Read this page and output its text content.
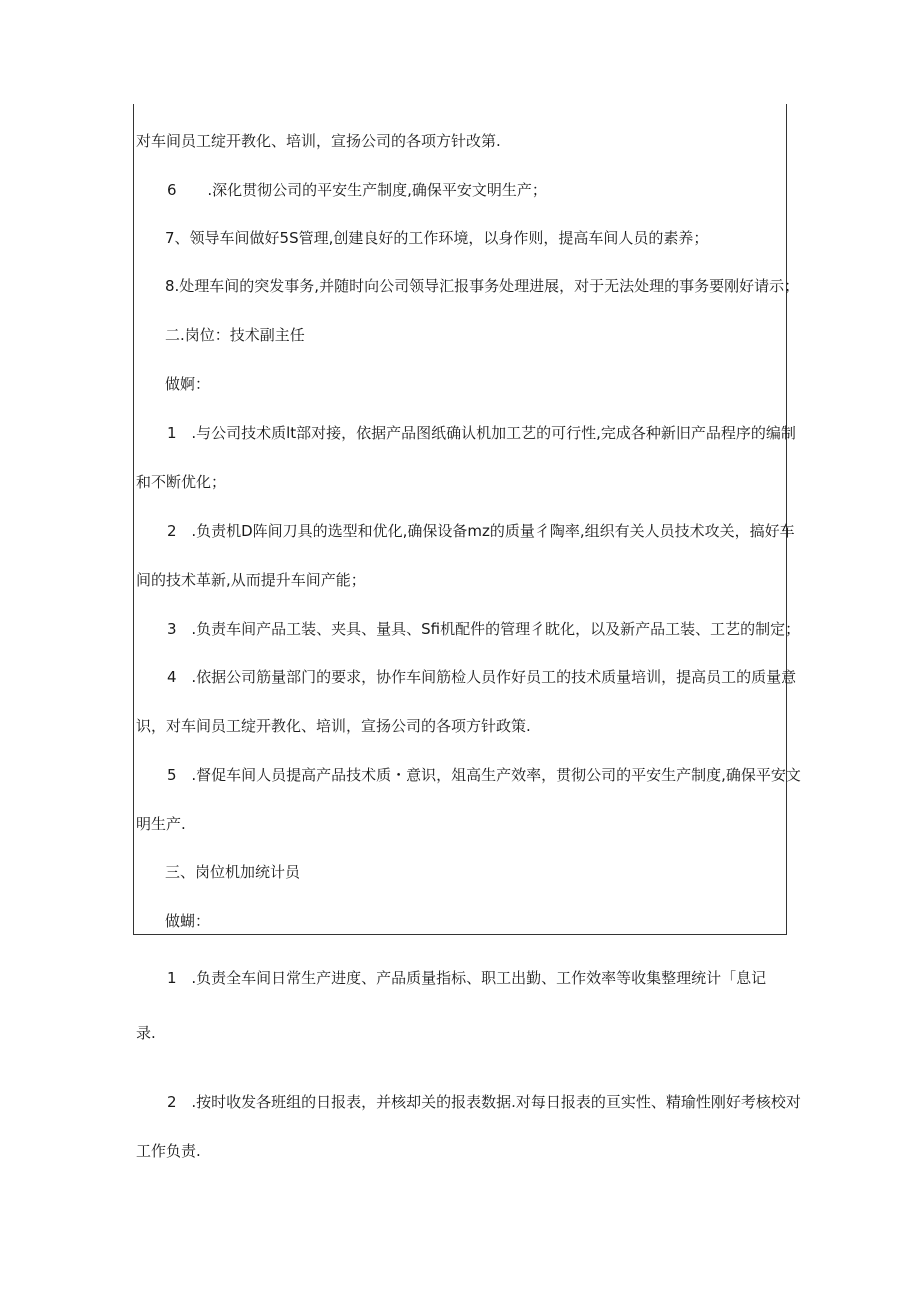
对车间员工绽开教化、培训，宣扬公司的各项方针改第.
6 .深化贯彻公司的平安生产制度,确保平安文明生产；
7、领导车间做好5S管理,创建良好的工作环境，以身作则，提高车间人员的素养；
8.处理车间的突发事务,并随时向公司领导汇报事务处理进展，对于无法处理的事务要刚好请示；
二.岗位：技术副主任
做婀：
1 .与公司技术质lt部对接，依据产品图纸确认机加工艺的可行性,完成各种新旧产品程序的编制
和不断优化；
2 .负责机D阵间刀具的选型和优化,确保设备mz的质量彳陶率,组织有关人员技术攻关，搞好车
间的技术革新,从而提升车间产能；
3 .负责车间产品工装、夹具、量具、Sfi机配件的管理彳眈化，以及新产品工装、工艺的制定；
4 .依据公司筋量部门的要求，协作车间筋检人员作好员工的技术质量培训，提高员工的质量意
识，对车间员工绽开教化、培训，宣扬公司的各项方针政策.
5 .督促车间人员提高产品技术质・意识，俎高生产效率，贯彻公司的平安生产制度,确保平安文
明生产.
三、岗位机加统计员
做蝴：
1 .负责全车间日常生产进度、产品质量指标、职工出勤、工作效率等收集整理统计「息记
录.
2 .按时收发各班组的日报表，并核却关的报表数据.对每日报表的亘实性、精瑜性刚好考核校对
工作负责.
